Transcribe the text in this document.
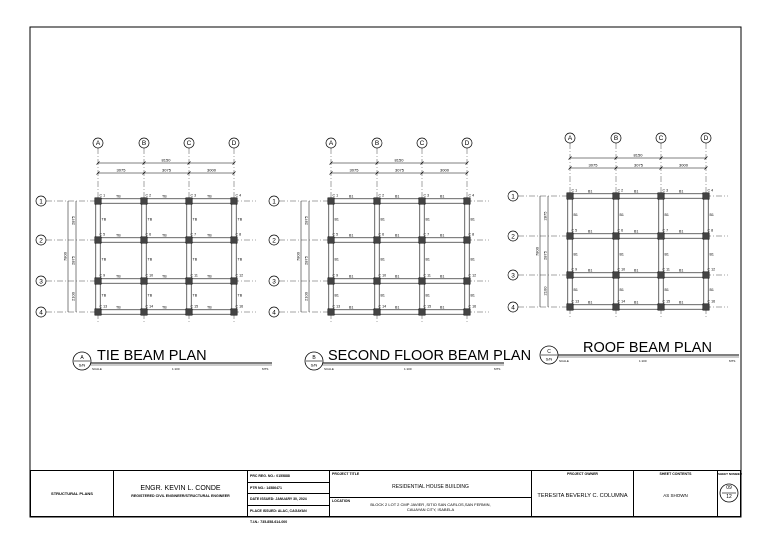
A	B	C	D
1
2
3
4
8150
3075	3075	3000
7800
2875
2875
2100
TB	TB	TB
TB	TB	TB
TB	TB	TB
TB	TB	TB
TB	TB	TB	TB
TB	TB	TB	TB
TB	TB	TB	TB
C 1	C 2	C 3	C 4
C 5	C 6	C 7	C 8
C 9	C 10	C 11	C 12
C 13	C 14	C 15	C 16
TIE BEAM PLAN
A
S/N
SCALE	1:100	MTS
A	B	C	D
1
2
3
4
8150
3075	3075	3000
7800
2875
2875
2100
B1	B1	B1
B1	B1	B1
B1	B1	B1
B1	B1	B1
B1	B1	B1	B1
B1	B1	B1	B1
B1	B1	B1	B1
C 1	C 2	C 3	C 4
C 5	C 6	C 7	C 8
C 9	C 10	C 11	C 12
C 13	C 14	C 15	C 16
SECOND FLOOR BEAM PLAN
B
S/N
SCALE	1:100	MTS
A	B	C	D
1
2
3
4
8150
3075	3075	3000
7800
2875
2875
2100
B1	B1	B1
B1	B1	B1
B1	B1	B1
B1	B1	B1
B1	B1	B1	B1
B1	B1	B1	B1
B1	B1	B1	B1
C 1	C 2	C 3	C 4
C 5	C 6	C 7	C 8
C 9	C 10	C 11	C 12
C 13	C 14	C 15	C 16
ROOF BEAM PLAN
C
S/N SCALE	1:100	MTS
STRUCTURAL PLANS
ENGR. KEVIN L. CONDE
REGISTERED CIVIL ENGINEER/STRUCTURAL ENGINEER
PRC REG. NO.: 0155888
PTR NO.: 14586471
DATE ISSUED: JANUARY 30, 2024
PLACE ISSUED: ALAC, CAGAYAN
T.I.N.: 735-858-614-000
PROJECT TITLE
RESIDENTIAL HOUSE BUILDING
LOCATION
BLOCK 2 LOT 2 CMP JAVIER ,SITIO SAN CARLOS,SAN FERMIN,
CAUAYAN CITY, ISABELA
PROJECT OWNER
TERESITA BEVERLY C. COLUMNA
SHEET CONTENTS
AS SHOWN
SHEET NUMBER
09
12
